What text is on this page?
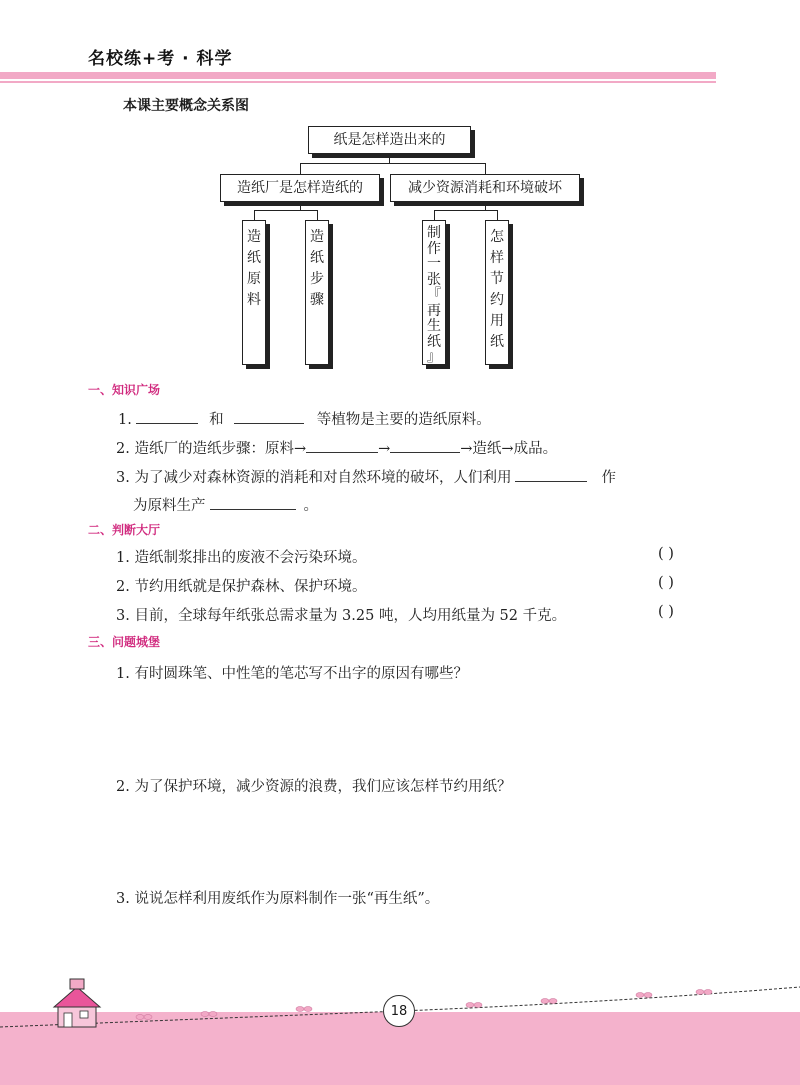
名校练+考 · 科学
本课主要概念关系图
纸是怎样造出来的
造纸厂是怎样造纸的	减少资源消耗和环境破坏
造
纸
原
料
造
纸
步
骤
制
作
一
张
『
再
生
纸
』
怎
样
节
约
用
纸
一、知识广场
1.	和	等植物是主要的造纸原料。
2. 造纸厂的造纸步骤：原料→	→	→造纸→成品。
3. 为了减少对森林资源的消耗和对自然环境的破坏，人们利用	作
为原料生产	。
二、判断大厅
1. 造纸制浆排出的废液不会污染环境。	( )
2. 节约用纸就是保护森林、保护环境。	( )
3. 目前，全球每年纸张总需求量为 3.25 吨，人均用纸量为 52 千克。	( )
三、问题城堡
1. 有时圆珠笔、中性笔的笔芯写不出字的原因有哪些？
2. 为了保护环境，减少资源的浪费，我们应该怎样节约用纸？
3. 说说怎样利用废纸作为原料制作一张“再生纸”。
18
